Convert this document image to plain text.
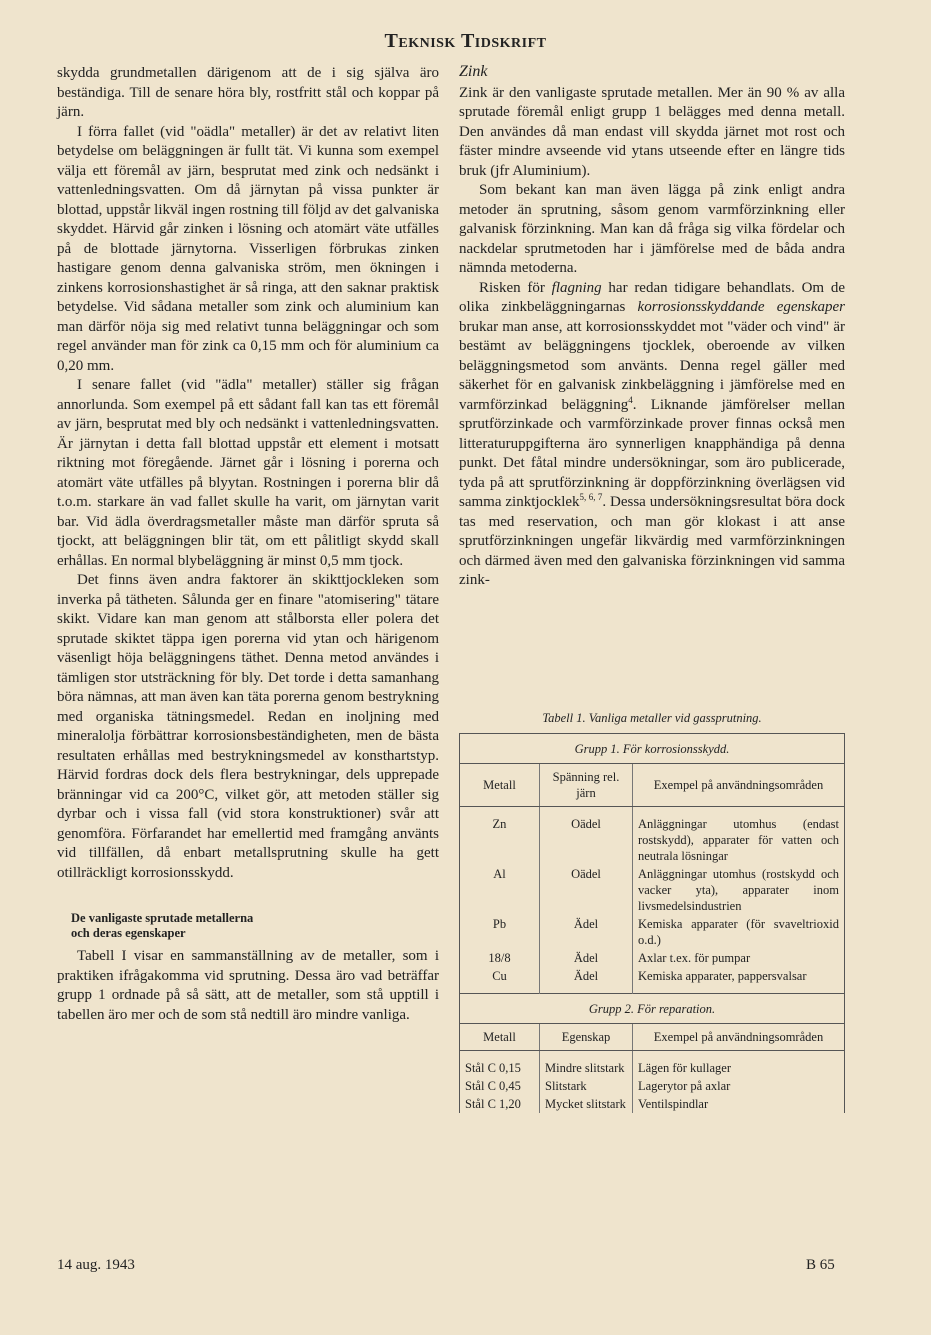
Teknisk Tidskrift

skydda grundmetallen därigenom att de i sig själva äro beständiga. Till de senare höra bly, rostfritt stål och koppar på järn.

I förra fallet (vid "oädla" metaller) är det av relativt liten betydelse om beläggningen är fullt tät. Vi kunna som exempel välja ett föremål av järn, besprutat med zink och nedsänkt i vattenledningsvatten. Om då järnytan på vissa punkter är blottad, uppstår likväl ingen rostning till följd av det galvaniska skyddet. Härvid går zinken i lösning och atomärt väte utfälles på de blottade järnytorna. Visserligen förbrukas zinken hastigare genom denna galvaniska ström, men ökningen i zinkens korrosionshastighet är så ringa, att den saknar praktisk betydelse. Vid sådana metaller som zink och aluminium kan man därför nöja sig med relativt tunna beläggningar och som regel använder man för zink ca 0,15 mm och för aluminium ca 0,20 mm.

I senare fallet (vid "ädla" metaller) ställer sig frågan annorlunda. Som exempel på ett sådant fall kan tas ett föremål av järn, besprutat med bly och nedsänkt i vattenledningsvatten. Är järnytan i detta fall blottad uppstår ett element i motsatt riktning mot föregående. Järnet går i lösning i porerna och atomärt väte utfälles på blyytan. Rostningen i porerna blir då t.o.m. starkare än vad fallet skulle ha varit, om järnytan varit bar. Vid ädla överdragsmetaller måste man därför spruta så tjockt, att beläggningen blir tät, om ett pålitligt skydd skall erhållas. En normal blybeläggning är minst 0,5 mm tjock.

Det finns även andra faktorer än skikttjockleken som inverka på tätheten. Sålunda ger en finare "atomisering" tätare skikt. Vidare kan man genom att stålborsta eller polera det sprutade skiktet täppa igen porerna vid ytan och härigenom väsenligt höja beläggningens täthet. Denna metod användes i tämligen stor utsträckning för bly. Det torde i detta samanhang böra nämnas, att man även kan täta porerna genom bestrykning med organiska tätningsmedel. Redan en inoljning med mineralolja förbättrar korrosionsbeständigheten, men de bästa resultaten erhållas med bestrykningsmedel av konsthartstyp. Härvid fordras dock dels flera bestrykningar, dels upprepade bränningar vid ca 200°C, vilket gör, att metoden ställer sig dyrbar och i vissa fall (vid stora konstruktioner) svår att genomföra. Förfarandet har emellertid med framgång använts vid tillfällen, då enbart metallsprutning skulle ha gett otillräckligt korrosionsskydd.

De vanligaste sprutade metallerna
och deras egenskaper

Tabell I visar en sammanställning av de metaller, som i praktiken ifrågakomma vid sprutning. Dessa äro vad beträffar grupp 1 ordnade på så sätt, att de metaller, som stå upptill i tabellen äro mer och de som stå nedtill äro mindre vanliga.

Zink

Zink är den vanligaste sprutade metallen. Mer än 90 % av alla sprutade föremål enligt grupp 1 belägges med denna metall. Den användes då man endast vill skydda järnet mot rost och fäster mindre avseende vid ytans utseende efter en längre tids bruk (jfr Aluminium).

Som bekant kan man även lägga på zink enligt andra metoder än sprutning, såsom genom varmförzinkning eller galvanisk förzinkning. Man kan då fråga sig vilka fördelar och nackdelar sprutmetoden har i jämförelse med de båda andra nämnda metoderna.

Risken för flagning har redan tidigare behandlats. Om de olika zinkbeläggningarnas korrosionsskyddande egenskaper brukar man anse, att korrosionsskyddet mot "väder och vind" är bestämt av beläggningens tjocklek, oberoende av vilken beläggningsmetod som använts. Denna regel gäller med säkerhet för en galvanisk zinkbeläggning i jämförelse med en varmförzinkad beläggning$^4$. Liknande jämförelser mellan sprutförzinkade och varmförzinkade prover finnas också men litteraturuppgifterna äro synnerligen knapphändiga på denna punkt. Det fåtal mindre undersökningar, som äro publicerade, tyda på att sprutförzinkning är doppförzinkning överlägsen vid samma zinktjocklek$^{5, 6, 7}$. Dessa undersökningsresultat böra dock tas med reservation, och man gör klokast i att anse sprutförzinkningen ungefär likvärdig med varmförzinkningen och därmed även med den galvaniska förzinkningen vid samma zink-

Tabell 1. Vanliga metaller vid gassprutning.
Grupp 1. För korrosionsskydd.		
Metall	Spänning rel. järn	Exempel på användningsområden

Zn	Oädel	Anläggningar utomhus (endast rostskydd), apparater för vatten och neutrala lösningar
Al	Oädel	Anläggningar utomhus (rostskydd och vacker yta), apparater inom livsmedelsindustrien
Pb	Ädel	Kemiska apparater (för svaveltrioxid o.d.)
18/8	Ädel	Axlar t.ex. för pumpar
Cu	Ädel	Kemiska apparater, pappersvalsar

Grupp 2. För reparation.		
Metall	Egenskap	Exempel på användningsområden

Stål C 0,15	Mindre slitstark	Lägen för kullager
Stål C 0,45	Slitstark	Lagerytor på axlar
Stål C 1,20	Mycket slitstark	Ventilspindlar
14 aug. 1943	B 65
